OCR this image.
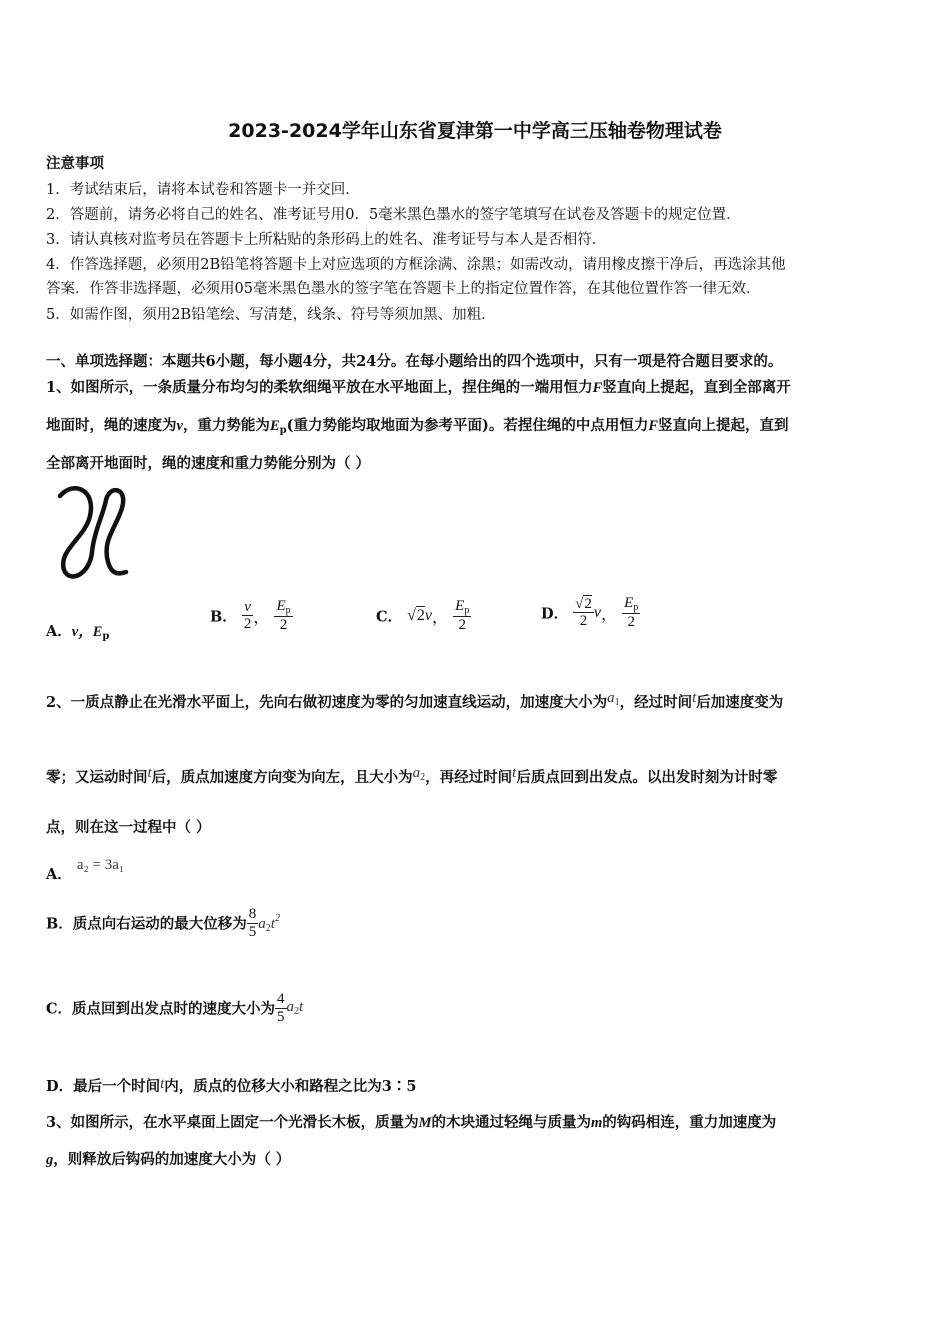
2023-2024学年山东省夏津第一中学高三压轴卷物理试卷
注意事项
1．考试结束后，请将本试卷和答题卡一并交回．
2．答题前，请务必将自己的姓名、准考证号用0．5毫米黑色墨水的签字笔填写在试卷及答题卡的规定位置．
3．请认真核对监考员在答题卡上所粘贴的条形码上的姓名、准考证号与本人是否相符．
4．作答选择题，必须用2B铅笔将答题卡上对应选项的方框涂满、涂黑；如需改动，请用橡皮擦干净后，再选涂其他
答案．作答非选择题，必须用05毫米黑色墨水的签字笔在答题卡上的指定位置作答，在其他位置作答一律无效．
5．如需作图，须用2B铅笔绘、写清楚，线条、符号等须加黑、加粗．
一、单项选择题：本题共6小题，每小题4分，共24分。在每小题给出的四个选项中，只有一项是符合题目要求的。
1、如图所示，一条质量分布均匀的柔软细绳平放在水平地面上，捏住绳的一端用恒力F竖直向上提起，直到全部离开
地面时，绳的速度为v，重力势能为$E_p$(重力势能均取地面为参考平面)。若捏住绳的中点用恒力F竖直向上提起，直到
全部离开地面时，绳的速度和重力势能分别为（ ）
A．v，$E_p$
B． $\frac{v}{2}$ ， $\frac{E_p}{2}$	C． √2v， $\frac{E_p}{2}$	D． $\frac{√2}{2}$ v， $\frac{E_p}{2}$
2、一质点静止在光滑水平面上，先向右做初速度为零的匀加速直线运动，加速度大小为$a_1$，经过时间t后加速度变为
零；又运动时间t后，质点加速度方向变为向左，且大小为$a_2$，再经过时间t后质点回到出发点。以出发时刻为计时零
点，则在这一过程中（ ）
A． a₂ = 3a₁
B．质点向右运动的最大位移为 $\frac{8}{5} a_2t^2$
C．质点回到出发点时的速度大小为 $\frac{4}{5} a_2t$
D．最后一个时间t内，质点的位移大小和路程之比为3∶5
3、如图所示，在水平桌面上固定一个光滑长木板，质量为M的木块通过轻绳与质量为m的钩码相连，重力加速度为
g，则释放后钩码的加速度大小为（ ）
